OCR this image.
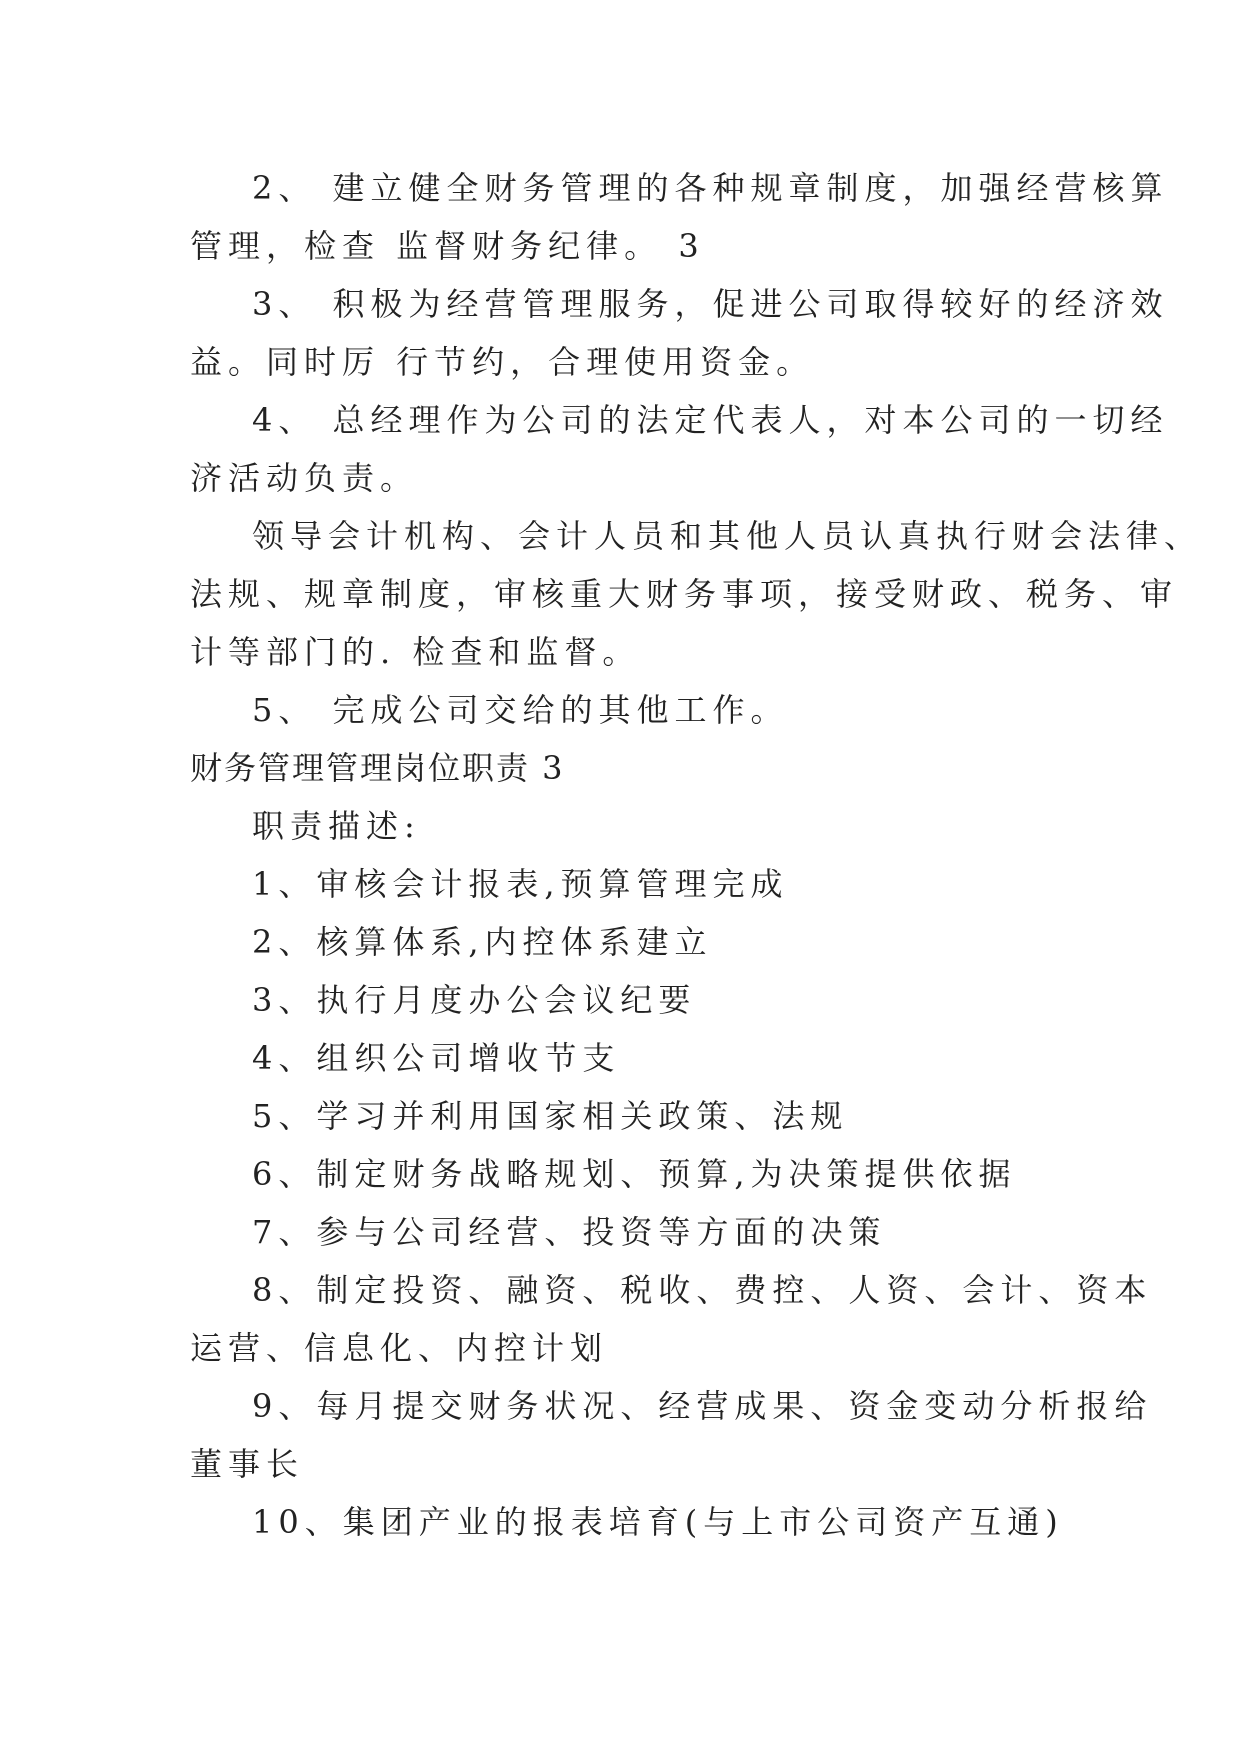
2、 建立健全财务管理的各种规章制度，加强经营核算

管理，检查 监督财务纪律。 3

3、 积极为经营管理服务，促进公司取得较好的经济效

益。同时厉 行节约，合理使用资金。

4、 总经理作为公司的法定代表人，对本公司的一切经

济活动负责。

领导会计机构、会计人员和其他人员认真执行财会法律、

法规、规章制度，审核重大财务事项，接受财政、税务、审

计等部门的. 检查和监督。

5、 完成公司交给的其他工作。

财务管理管理岗位职责 3

职责描述:

1、审核会计报表,预算管理完成

2、核算体系,内控体系建立

3、执行月度办公会议纪要

4、组织公司增收节支

5、学习并利用国家相关政策、法规

6、制定财务战略规划、预算,为决策提供依据

7、参与公司经营、投资等方面的决策

8、制定投资、融资、税收、费控、人资、会计、资本

运营、信息化、内控计划

9、每月提交财务状况、经营成果、资金变动分析报给

董事长

10、集团产业的报表培育(与上市公司资产互通)
